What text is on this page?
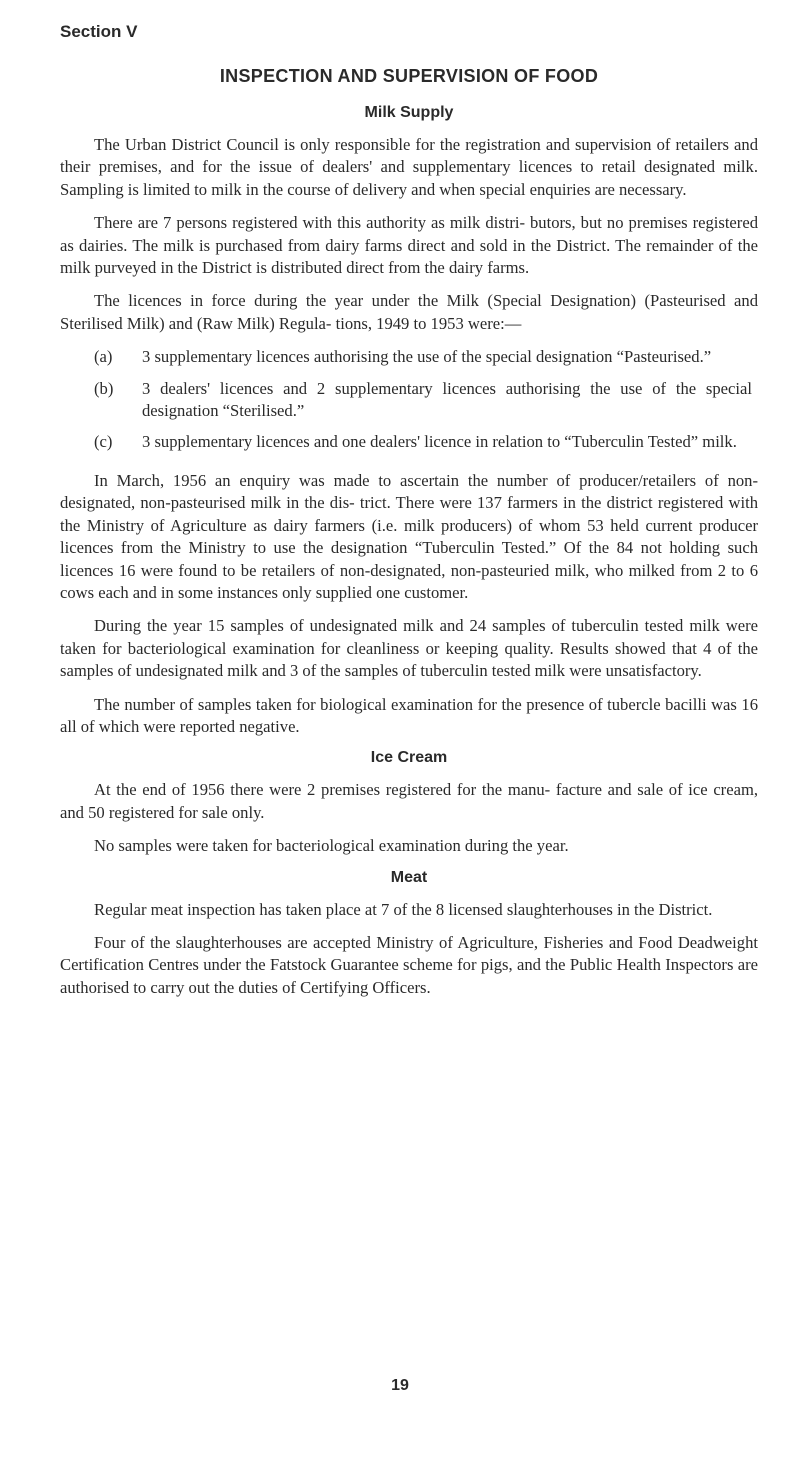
Section V
INSPECTION AND SUPERVISION OF FOOD
Milk Supply

The Urban District Council is only responsible for the registration and supervision of retailers and their premises, and for the issue of dealers' and supplementary licences to retail designated milk. Sampling is limited to milk in the course of delivery and when special enquiries are necessary.

There are 7 persons registered with this authority as milk distri- butors, but no premises registered as dairies. The milk is purchased from dairy farms direct and sold in the District. The remainder of the milk purveyed in the District is distributed direct from the dairy farms.

The licences in force during the year under the Milk (Special Designation) (Pasteurised and Sterilised Milk) and (Raw Milk) Regula- tions, 1949 to 1953 were:—

(a)	3 supplementary licences authorising the use of the special designation “Pasteurised.”
(b)	3 dealers' licences and 2 supplementary licences authorising the use of the special designation “Sterilised.”
(c)	3 supplementary licences and one dealers' licence in relation to “Tuberculin Tested” milk.

In March, 1956 an enquiry was made to ascertain the number of producer/retailers of non-designated, non-pasteurised milk in the dis- trict. There were 137 farmers in the district registered with the Ministry of Agriculture as dairy farmers (i.e. milk producers) of whom 53 held current producer licences from the Ministry to use the designation “Tuberculin Tested.” Of the 84 not holding such licences 16 were found to be retailers of non-designated, non-pasteuried milk, who milked from 2 to 6 cows each and in some instances only supplied one customer.

During the year 15 samples of undesignated milk and 24 samples of tuberculin tested milk were taken for bacteriological examination for cleanliness or keeping quality. Results showed that 4 of the samples of undesignated milk and 3 of the samples of tuberculin tested milk were unsatisfactory.

The number of samples taken for biological examination for the presence of tubercle bacilli was 16 all of which were reported negative.

Ice Cream

At the end of 1956 there were 2 premises registered for the manu- facture and sale of ice cream, and 50 registered for sale only.

No samples were taken for bacteriological examination during the year.

Meat

Regular meat inspection has taken place at 7 of the 8 licensed slaughterhouses in the District.

Four of the slaughterhouses are accepted Ministry of Agriculture, Fisheries and Food Deadweight Certification Centres under the Fatstock Guarantee scheme for pigs, and the Public Health Inspectors are authorised to carry out the duties of Certifying Officers.

19
